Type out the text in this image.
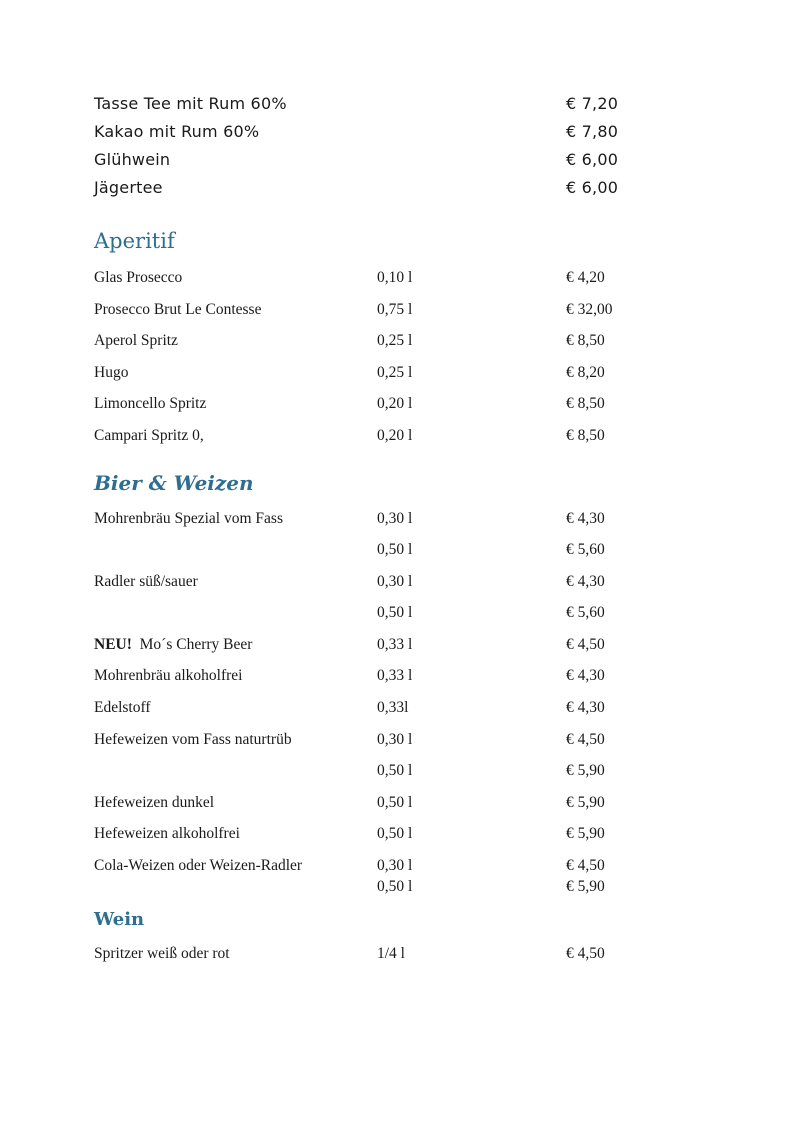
Tasse Tee mit Rum 60%	€ 7,20
Kakao mit Rum 60%	€ 7,80
Glühwein	€ 6,00
Jägertee	€ 6,00
Aperitif
Glas Prosecco	0,10 l	€ 4,20
Prosecco Brut Le Contesse	0,75 l	€ 32,00
Aperol Spritz	0,25 l	€ 8,50
Hugo	0,25 l	€ 8,20
Limoncello Spritz	0,20 l	€ 8,50
Campari Spritz 0,	0,20 l	€ 8,50
Bier & Weizen
Mohrenbräu Spezial vom Fass	0,30 l	€ 4,30
0,50 l	€ 5,60
Radler süß/sauer	0,30 l	€ 4,30
0,50 l	€ 5,60
NEU! Mo´s Cherry Beer	0,33 l	€ 4,50
Mohrenbräu alkoholfrei	0,33 l	€ 4,30
Edelstoff	0,33l	€ 4,30
Hefeweizen vom Fass naturtrüb	0,30 l	€ 4,50
0,50 l	€ 5,90
Hefeweizen dunkel	0,50 l	€ 5,90
Hefeweizen alkoholfrei	0,50 l	€ 5,90
Cola-Weizen oder Weizen-Radler	0,30 l	€ 4,50
0,50 l	€ 5,90
Wein
Spritzer weiß oder rot	1/4 l	€ 4,50
